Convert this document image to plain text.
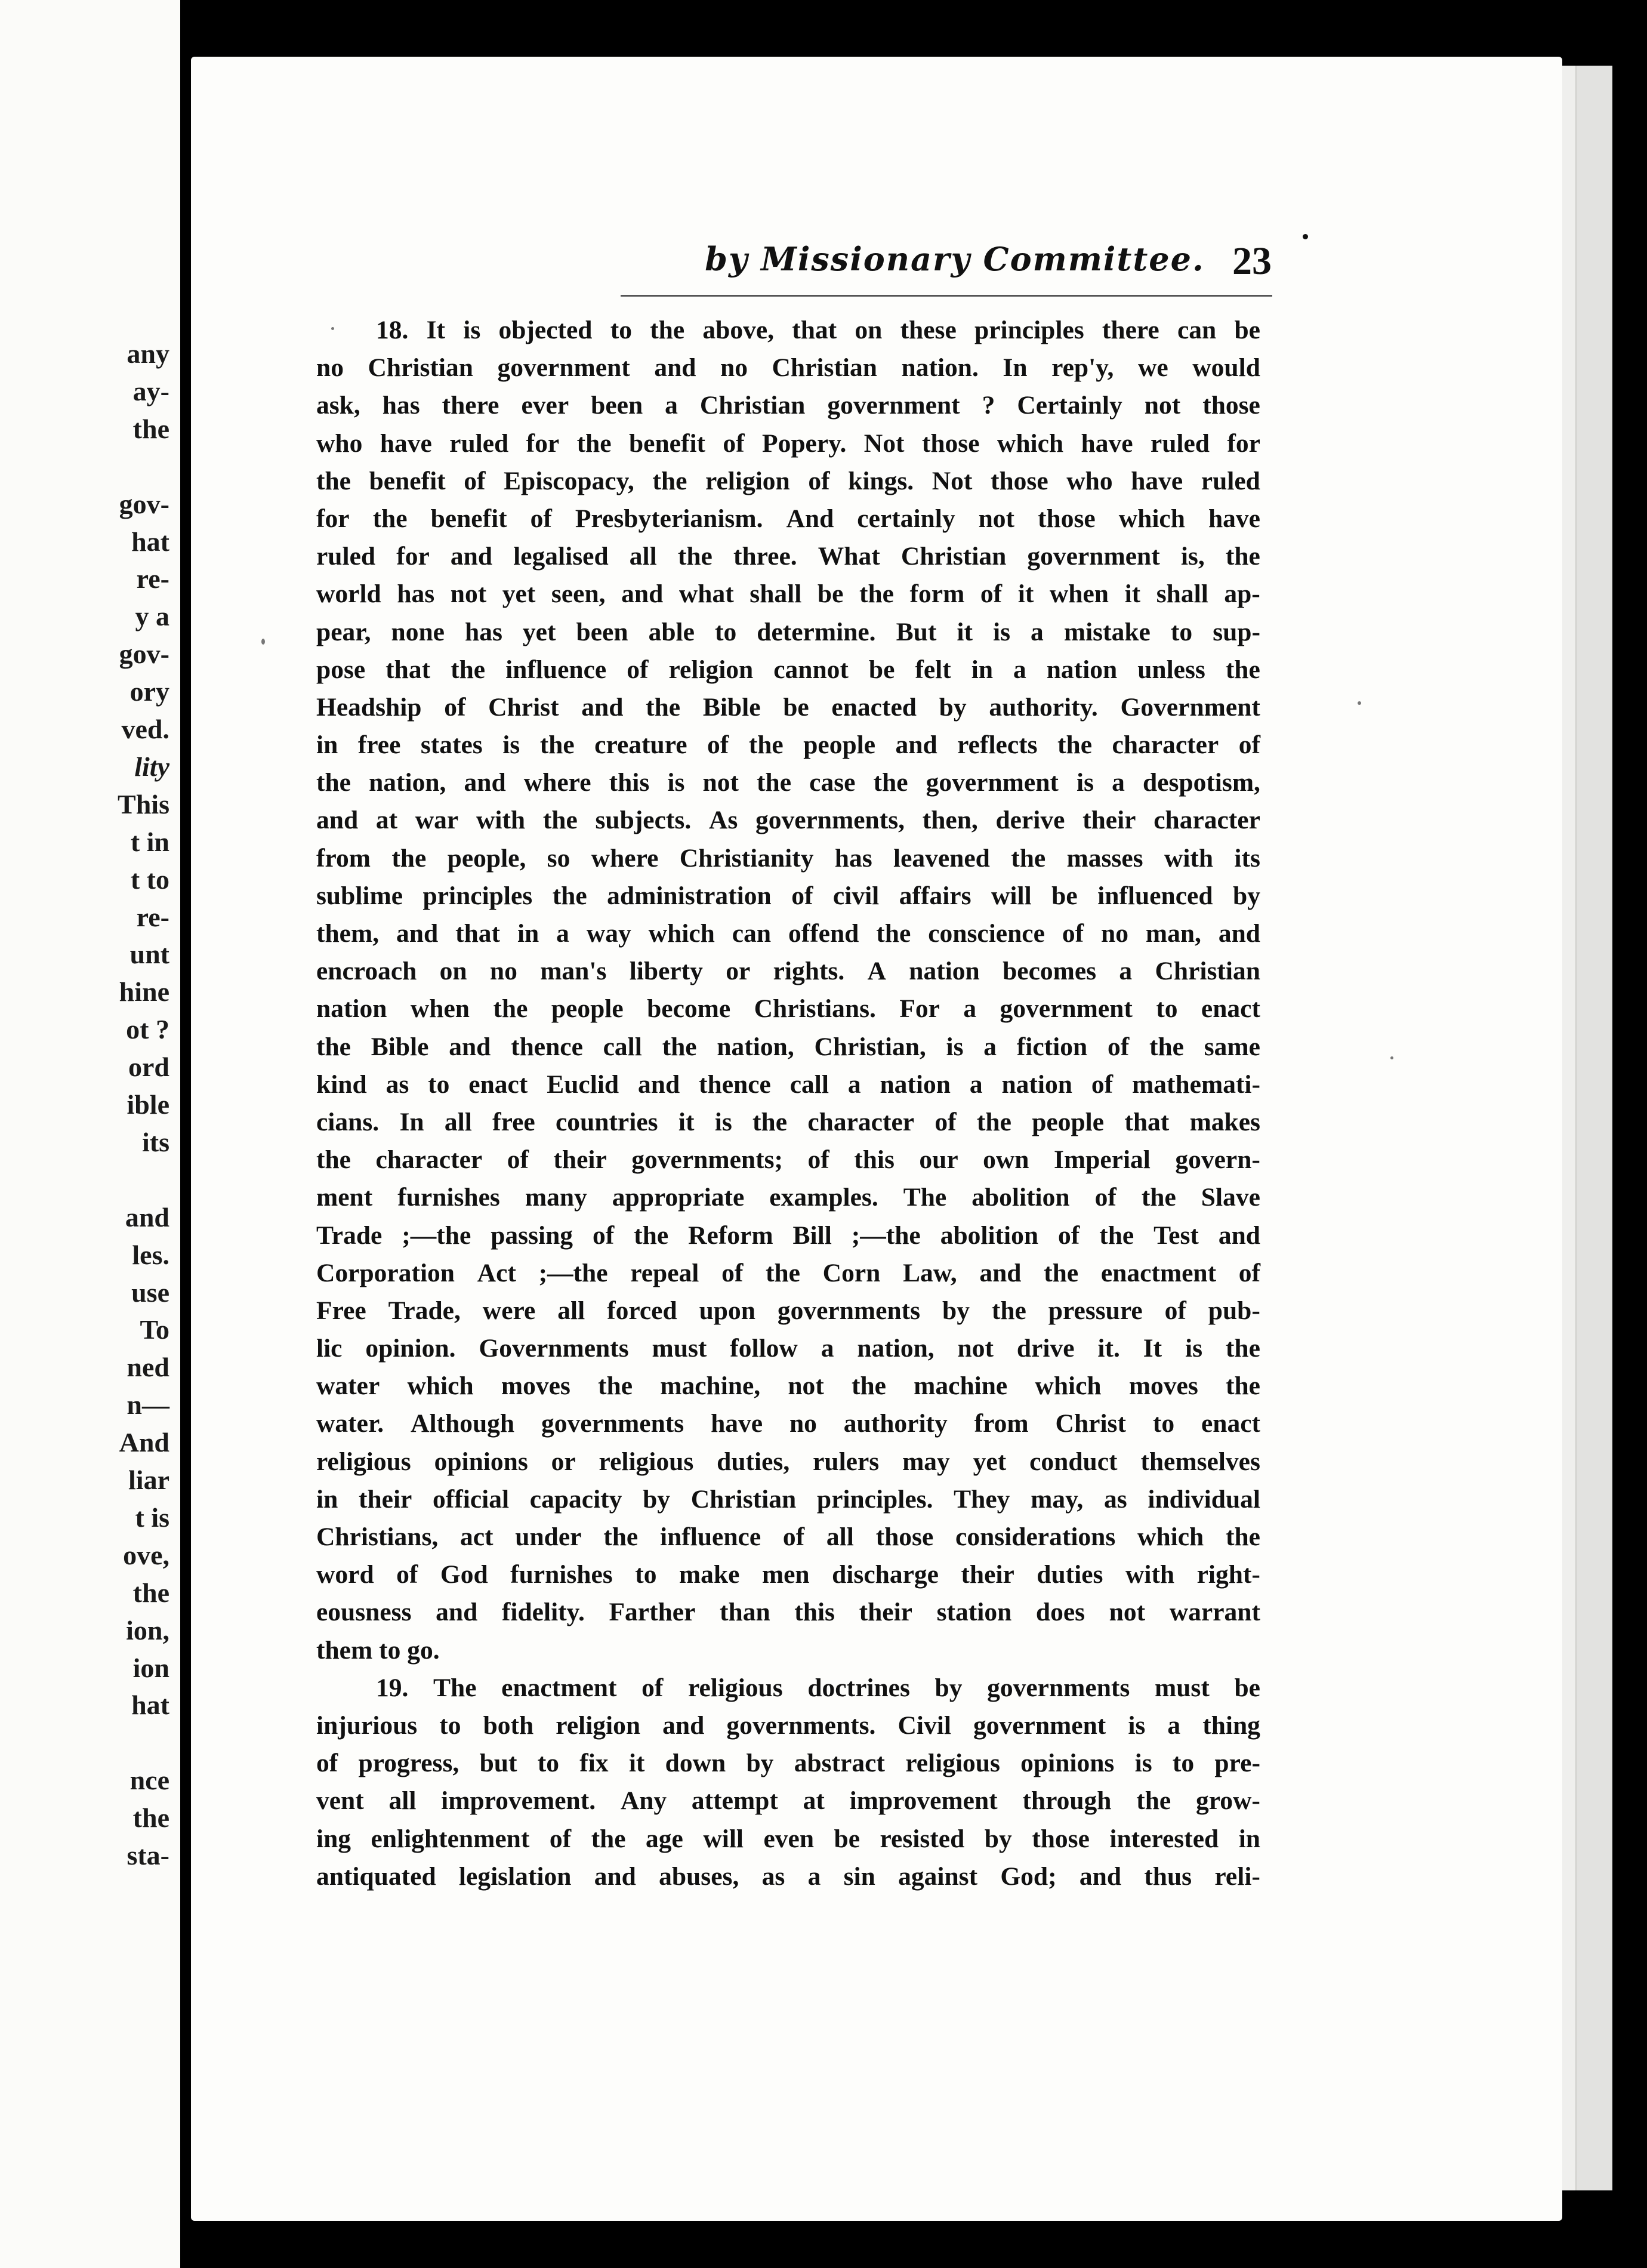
any
ay-
the
gov-
hat
re-
y a
gov-
ory
ved.
lity
This
t in
t to
re-
unt
hine
ot ?
ord
ible
its
and
les.
use
To
ned
n—
And
liar
t is
ove,
the
ion,
ion
hat
nce
the
sta-
by Missionary Committee. 23
18. It is objected to the above, that on these principles there can be
no Christian government and no Christian nation. In rep'y, we would
ask, has there ever been a Christian government ? Certainly not those
who have ruled for the benefit of Popery. Not those which have ruled for
the benefit of Episcopacy, the religion of kings. Not those who have ruled
for the benefit of Presbyterianism. And certainly not those which have
ruled for and legalised all the three. What Christian government is, the
world has not yet seen, and what shall be the form of it when it shall ap-
pear, none has yet been able to determine. But it is a mistake to sup-
pose that the influence of religion cannot be felt in a nation unless the
Headship of Christ and the Bible be enacted by authority. Government
in free states is the creature of the people and reflects the character of
the nation, and where this is not the case the government is a despotism,
and at war with the subjects. As governments, then, derive their character
from the people, so where Christianity has leavened the masses with its
sublime principles the administration of civil affairs will be influenced by
them, and that in a way which can offend the conscience of no man, and
encroach on no man's liberty or rights. A nation becomes a Christian
nation when the people become Christians. For a government to enact
the Bible and thence call the nation, Christian, is a fiction of the same
kind as to enact Euclid and thence call a nation a nation of mathemati-
cians. In all free countries it is the character of the people that makes
the character of their governments; of this our own Imperial govern-
ment furnishes many appropriate examples. The abolition of the Slave
Trade ;—the passing of the Reform Bill ;—the abolition of the Test and
Corporation Act ;—the repeal of the Corn Law, and the enactment of
Free Trade, were all forced upon governments by the pressure of pub-
lic opinion. Governments must follow a nation, not drive it. It is the
water which moves the machine, not the machine which moves the
water. Although governments have no authority from Christ to enact
religious opinions or religious duties, rulers may yet conduct themselves
in their official capacity by Christian principles. They may, as individual
Christians, act under the influence of all those considerations which the
word of God furnishes to make men discharge their duties with right-
eousness and fidelity. Farther than this their station does not warrant
them to go.
19. The enactment of religious doctrines by governments must be
injurious to both religion and governments. Civil government is a thing
of progress, but to fix it down by abstract religious opinions is to pre-
vent all improvement. Any attempt at improvement through the grow-
ing enlightenment of the age will even be resisted by those interested in
antiquated legislation and abuses, as a sin against God; and thus reli-
